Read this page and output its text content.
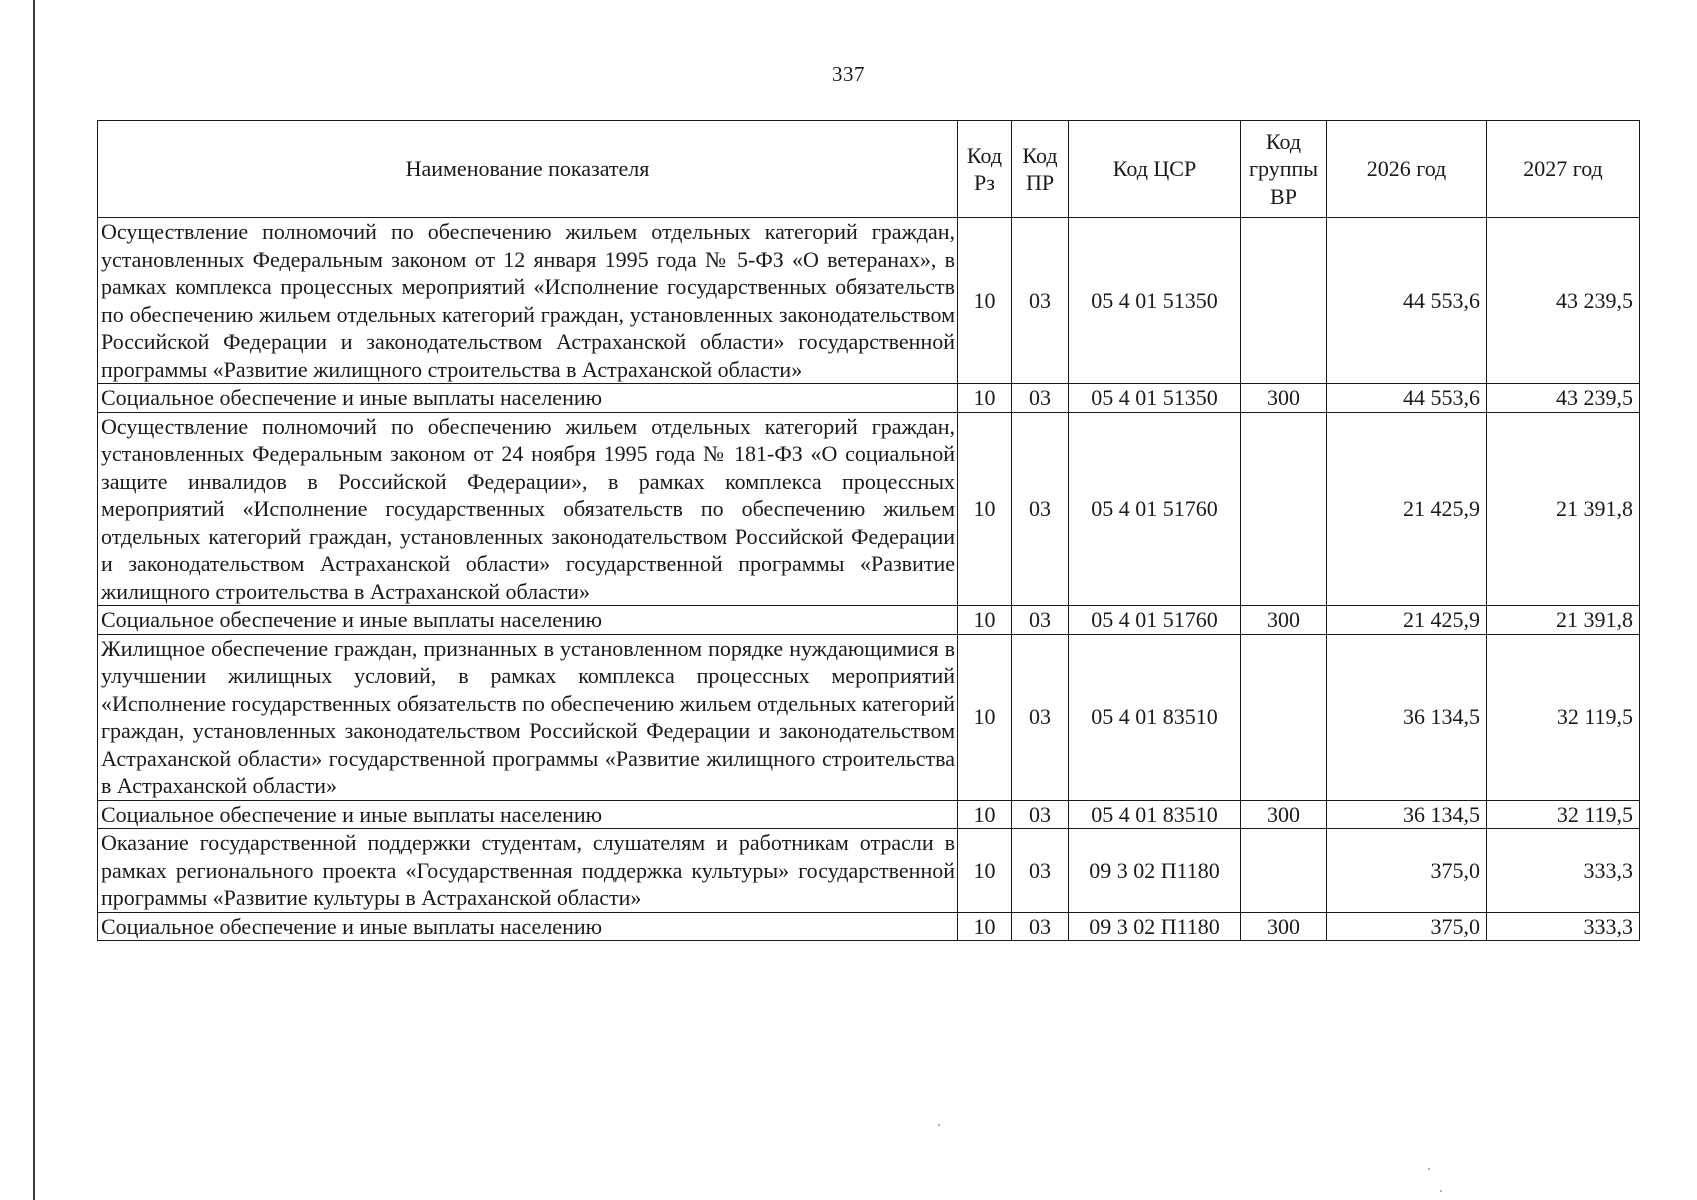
337
Наименование показателя	Код Рз	Код ПР	Код ЦСР	Код группы ВР	2026 год	2027 год
Осуществление полномочий по обеспечению жильем отдельных категорий граждан, установленных Федеральным законом от 12 января 1995 года № 5-ФЗ «О ветеранах», в рамках комплекса процессных мероприятий «Исполнение государственных обязательств по обеспечению жильем отдельных категорий граждан, установленных законодательством Российской Федерации и законодательством Астраханской области» государственной программы «Развитие жилищного строительства в Астраханской области»	10	03	05 4 01 51350		44 553,6	43 239,5
Социальное обеспечение и иные выплаты населению	10	03	05 4 01 51350	300	44 553,6	43 239,5
Осуществление полномочий по обеспечению жильем отдельных категорий граждан, установленных Федеральным законом от 24 ноября 1995 года № 181-ФЗ «О социальной защите инвалидов в Российской Федерации», в рамках комплекса процессных мероприятий «Исполнение государственных обязательств по обеспечению жильем отдельных категорий граждан, установленных законодательством Российской Федерации и законодательством Астраханской области» государственной программы «Развитие жилищного строительства в Астраханской области»	10	03	05 4 01 51760		21 425,9	21 391,8
Социальное обеспечение и иные выплаты населению	10	03	05 4 01 51760	300	21 425,9	21 391,8
Жилищное обеспечение граждан, признанных в установленном порядке нуждающимися в улучшении жилищных условий, в рамках комплекса процессных мероприятий «Исполнение государственных обязательств по обеспечению жильем отдельных категорий граждан, установленных законодательством Российской Федерации и законодательством Астраханской области» государственной программы «Развитие жилищного строительства в Астраханской области»	10	03	05 4 01 83510		36 134,5	32 119,5
Социальное обеспечение и иные выплаты населению	10	03	05 4 01 83510	300	36 134,5	32 119,5
Оказание государственной поддержки студентам, слушателям и работникам отрасли в рамках регионального проекта «Государственная поддержка культуры» государственной программы «Развитие культуры в Астраханской области»	10	03	09 3 02 П1180		375,0	333,3
Социальное обеспечение и иные выплаты населению	10	03	09 3 02 П1180	300	375,0	333,3
